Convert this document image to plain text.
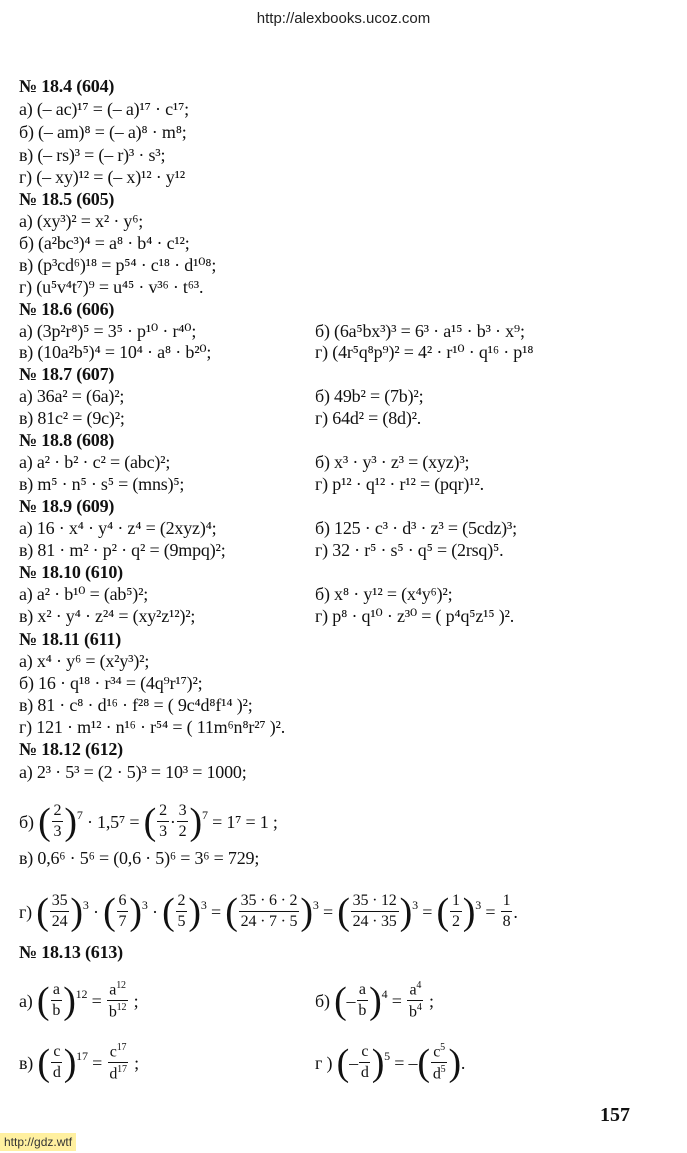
http://alexbooks.ucoz.com
№ 18.4 (604)
а) (– ac)¹⁷ = (– a)¹⁷ · c¹⁷;
б) (– am)⁸ = (– a)⁸ · m⁸;
в) (– rs)³ = (– r)³ · s³;
г) (– xy)¹² = (– x)¹² · y¹²
№ 18.5 (605)
а) (xy³)² = x² · y⁶;
б) (a²bc³)⁴ = a⁸ · b⁴ · c¹²;
в) (p³cd⁶)¹⁸ = p⁵⁴ · c¹⁸ · d¹⁰⁸;
г) (u⁵v⁴t⁷)⁹ = u⁴⁵ · v³⁶ · t⁶³.
№ 18.6 (606)
а) (3p²r⁸)⁵ = 3⁵ · p¹⁰ · r⁴⁰;	б) (6a⁵bx³)³ = 6³ · a¹⁵ · b³ · x⁹;
в) (10a²b⁵)⁴ = 10⁴ · a⁸ · b²⁰;	г) (4r⁵q⁸p⁹)² = 4² · r¹⁰ · q¹⁶ · p¹⁸
№ 18.7 (607)
а) 36a² = (6a)²;	б) 49b² = (7b)²;
в) 81c² = (9c)²;	г) 64d² = (8d)².
№ 18.8 (608)
а) a² · b² · c² = (abc)²;	б) x³ · y³ · z³ = (xyz)³;
в) m⁵ · n⁵ · s⁵ = (mns)⁵;	г) p¹² · q¹² · r¹² = (pqr)¹².
№ 18.9 (609)
а) 16 · x⁴ · y⁴ · z⁴ = (2xyz)⁴;	б) 125 · c³ · d³ · z³ = (5cdz)³;
в) 81 · m² · p² · q² = (9mpq)²;	г) 32 · r⁵ · s⁵ · q⁵ = (2rsq)⁵.
№ 18.10 (610)
а) a² · b¹⁰ = (ab⁵)²;	б) x⁸ · y¹² = (x⁴y⁶)²;
в) x² · y⁴ · z²⁴ = (xy²z¹²)²;	г) p⁸ · q¹⁰ · z³⁰ = ( p⁴q⁵z¹⁵ )².
№ 18.11 (611)
а) x⁴ · y⁶ = (x²y³)²;
б) 16 · q¹⁸ · r³⁴ = (4q⁹r¹⁷)²;
в) 81 · c⁸ · d¹⁶ · f²⁸ = ( 9c⁴d⁸f¹⁴ )²;
г) 121 · m¹² · n¹⁶ · r⁵⁴ = ( 11m⁶n⁸r²⁷ )².
№ 18.12 (612)
а) 2³ · 5³ = (2 · 5)³ = 10³ = 1000;
б) ( $\frac{2}{3} )^7 \cdot 1,5^7$ = ( $\frac{2}{3} \cdot \frac{3}{2} )^7 = 1^7 = 1$ ;
в) 0,6⁶ · 5⁶ = (0,6 · 5)⁶ = 3⁶ = 729;
г) ( $\frac{35}{24} )^3$ · ( $\frac{6}{7} )^3$ · ( $\frac{2}{5} )^3$ = ( $\frac{35 \cdot 6 \cdot 2}{24 \cdot 7 \cdot 5} )^3$ = ( $\frac{35 \cdot 12}{24 \cdot 35} )^3$ = ( $\frac{1}{2} )^3 = \frac{1}{8}$ .
№ 18.13 (613)
а) ( $\frac{a}{b} )^{12} = \frac{a^{12}}{b^{12}}$ ;	б) (– $\frac{a}{b} )^4 = \frac{a^4}{b^4}$ ;
в) ( $\frac{c}{d} )^{17} = \frac{c^{17}}{d^{17}}$ ;	г ) (– $\frac{c}{d} )^5$ = –( $\frac{c^5}{d^5}$ ).
157
http://gdz.wtf
